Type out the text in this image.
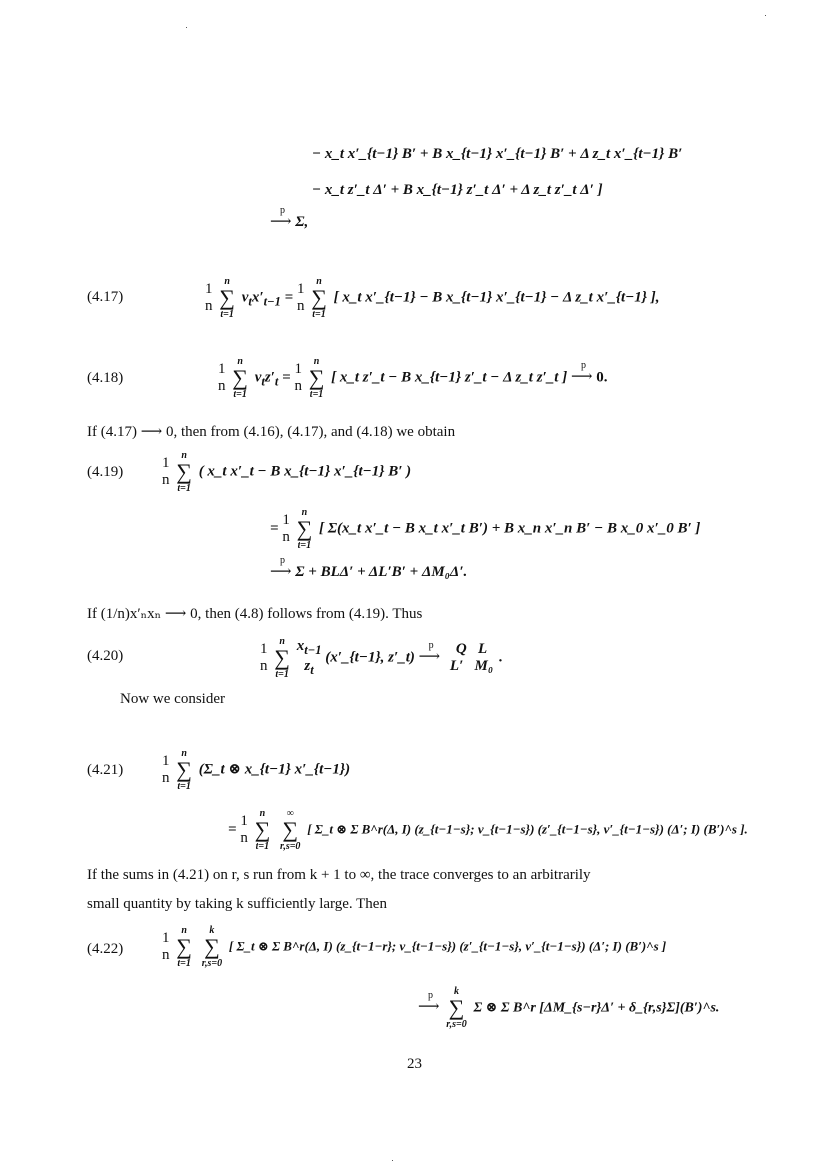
− x_t x′_{t−1} B′ + B x_{t−1} x′_{t−1} B′ + Δ z_t x′_{t−1} B′
− x_t z′_t Δ′ + B x_{t−1} z′_t Δ′ + Δ z_t z′_t Δ′ ]
p
⟶ Σ,
(4.17)	1
n n
∑
t=1 $v_tx'_{t-1} = 1$
n n
∑
t=1 [ x_t x′_{t−1} − B x_{t−1} x′_{t−1} − Δ z_t x′_{t−1} ],
(4.18)
1
n n
∑
t=1 $v_tz'_t = 1$
n n
∑
t=1 [ x_t z′_t − B x_{t−1} z′_t − Δ z_t z′_t ]
p
⟶ 0.
If (4.17) ⟶ 0, then from (4.16), (4.17), and (4.18) we obtain
(4.19)
1
n n
∑
t=1 ( x_t x′_t − B x_{t−1} x′_{t−1} B′ )
= 1
n n
∑
t=1 [ Σ(x_t x′_t − B x_t x′_t B′) + B x_n x′_n B′ − B x_0 x′_0 B′ ]
p
⟶ Σ + BLΔ′ + ΔL′B′ + ΔM₀Δ′.
If (1/n)x′ₙxₙ ⟶ 0, then (4.8) follows from (4.19). Thus
(4.20)	1
n n
∑
t=1 $x_{t-1}$
$z_t$ (x′_{t−1}, z′_t)
p
⟶ Q L
L′ M₀.
Now we consider
(4.21)
1
n n
∑
t=1 (Σ_t ⊗ x_{t−1} x′_{t−1})
= 1
n n
∑
t=1 ∞
∑
r,s=0 [ Σ_t ⊗ Σ B^r(Δ, I) (z_{t−1−s}; v_{t−1−s}) (z′_{t−1−s}, v′_{t−1−s}) (Δ′; I) (B′)^s ].
If the sums in (4.21) on r, s run from k + 1 to ∞, the trace converges to an arbitrarily
small quantity by taking k sufficiently large. Then
(4.22)
1
n n
∑
t=1 k
∑
r,s=0 [ Σ_t ⊗ Σ B^r(Δ, I) (z_{t−1−r}; v_{t−1−s}) (z′_{t−1−s}, v′_{t−1−s}) (Δ′; I) (B′)^s ]
p
⟶ k
∑
r,s=0 Σ ⊗ Σ B^r [ΔM_{s−r}Δ′ + δ_{r,s}Σ](B′)^s.
23
